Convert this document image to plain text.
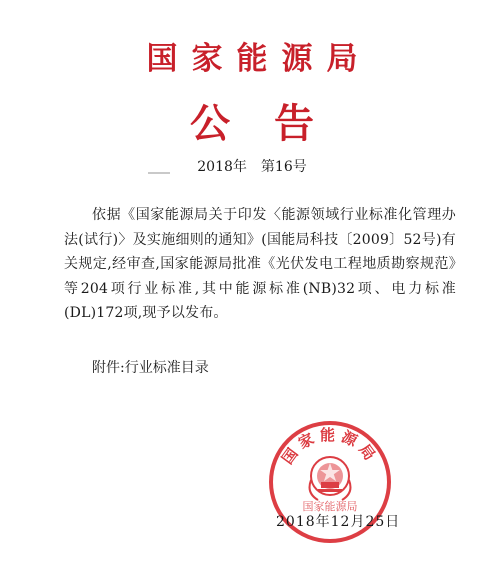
国家能源局
公告
2018年 第16号

依据《国家能源局关于印发〈能源领域行业标准化管理办法(试行)〉及实施细则的通知》(国能局科技〔2009〕52号)有关规定,经审查,国家能源局批准《光伏发电工程地质勘察规范》等204项行业标准,其中能源标准(NB)32项、电力标准(DL)172项,现予以发布。

附件:行业标准目录
国家能源局
国家能源局
2018年12月25日
